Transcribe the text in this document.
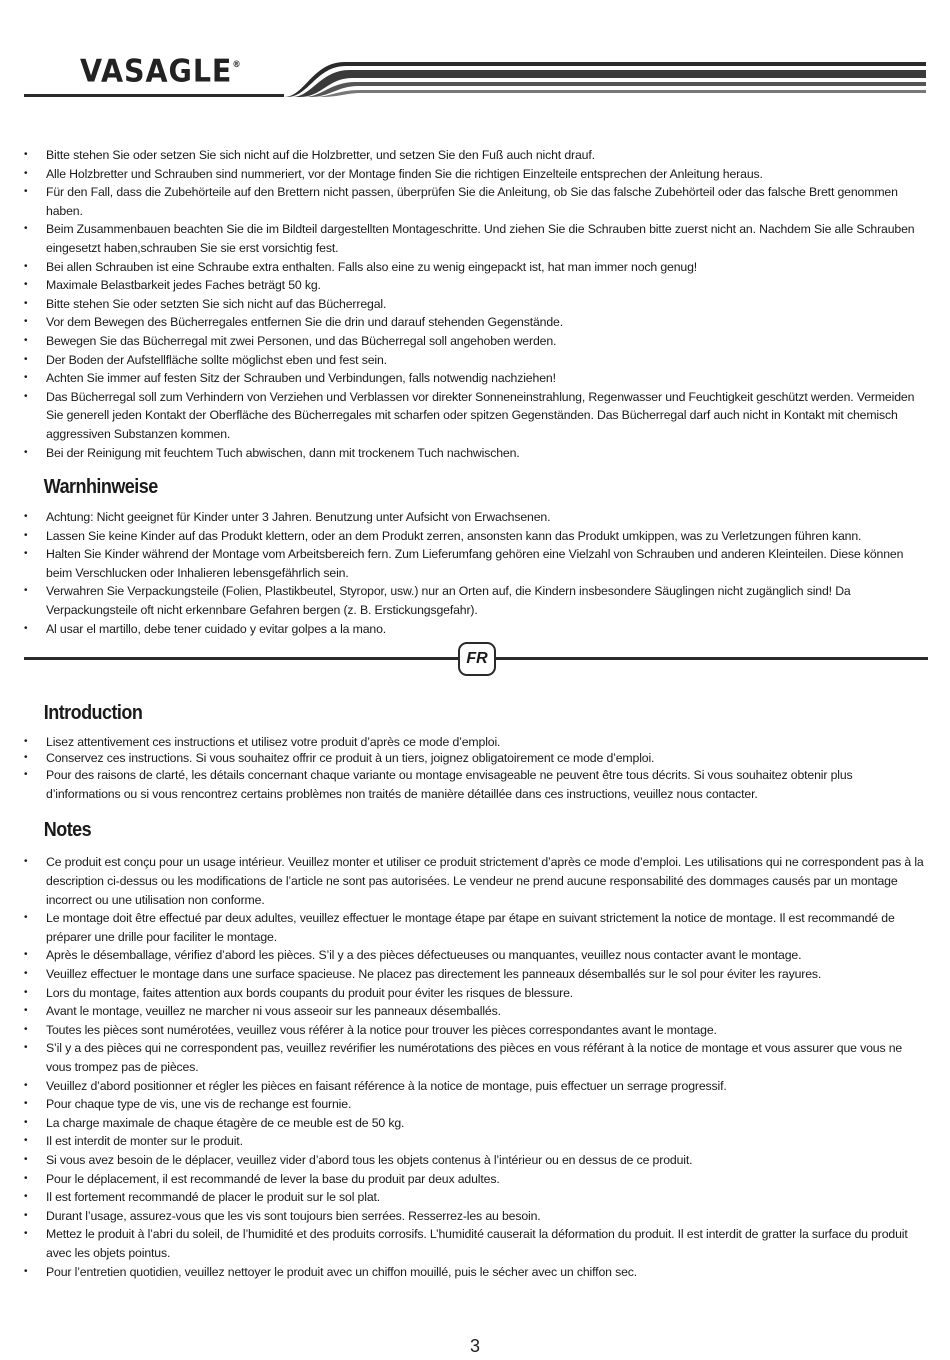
VASAGLE®
• Bitte stehen Sie oder setzen Sie sich nicht auf die Holzbretter, und setzen Sie den Fuß auch nicht drauf.
• Alle Holzbretter und Schrauben sind nummeriert, vor der Montage finden Sie die richtigen Einzelteile entsprechen der Anleitung heraus.
• Für den Fall, dass die Zubehörteile auf den Brettern nicht passen, überprüfen Sie die Anleitung, ob Sie das falsche Zubehörteil oder das falsche Brett genommen haben.
• Beim Zusammenbauen beachten Sie die im Bildteil dargestellten Montageschritte. Und ziehen Sie die Schrauben bitte zuerst nicht an. Nachdem Sie alle Schrauben eingesetzt haben,schrauben Sie sie erst vorsichtig fest.
• Bei allen Schrauben ist eine Schraube extra enthalten. Falls also eine zu wenig eingepackt ist, hat man immer noch genug!
• Maximale Belastbarkeit jedes Faches beträgt 50 kg.
• Bitte stehen Sie oder setzten Sie sich nicht auf das Bücherregal.
• Vor dem Bewegen des Bücherregales entfernen Sie die drin und darauf stehenden Gegenstände.
• Bewegen Sie das Bücherregal mit zwei Personen, und das Bücherregal soll angehoben werden.
• Der Boden der Aufstellfläche sollte möglichst eben und fest sein.
• Achten Sie immer auf festen Sitz der Schrauben und Verbindungen, falls notwendig nachziehen!
• Das Bücherregal soll zum Verhindern von Verziehen und Verblassen vor direkter Sonneneinstrahlung, Regenwasser und Feuchtigkeit geschützt werden. Vermeiden Sie generell jeden Kontakt der Oberfläche des Bücherregales mit scharfen oder spitzen Gegenständen. Das Bücherregal darf auch nicht in Kontakt mit chemisch aggressiven Substanzen kommen.
• Bei der Reinigung mit feuchtem Tuch abwischen, dann mit trockenem Tuch nachwischen.
Warnhinweise
• Achtung: Nicht geeignet für Kinder unter 3 Jahren. Benutzung unter Aufsicht von Erwachsenen.
• Lassen Sie keine Kinder auf das Produkt klettern, oder an dem Produkt zerren, ansonsten kann das Produkt umkippen, was zu Verletzungen führen kann.
• Halten Sie Kinder während der Montage vom Arbeitsbereich fern. Zum Lieferumfang gehören eine Vielzahl von Schrauben und anderen Kleinteilen. Diese können beim Verschlucken oder Inhalieren lebensgefährlich sein.
• Verwahren Sie Verpackungsteile (Folien, Plastikbeutel, Styropor, usw.) nur an Orten auf, die Kindern insbesondere Säuglingen nicht zugänglich sind! Da Verpackungsteile oft nicht erkennbare Gefahren bergen (z. B. Erstickungsgefahr).
• Al usar el martillo, debe tener cuidado y evitar golpes a la mano.
FR
Introduction
• Lisez attentivement ces instructions et utilisez votre produit d’après ce mode d’emploi.
• Conservez ces instructions. Si vous souhaitez offrir ce produit à un tiers, joignez obligatoirement ce mode d’emploi.
• Pour des raisons de clarté, les détails concernant chaque variante ou montage envisageable ne peuvent être tous décrits. Si vous souhaitez obtenir plus d’informations ou si vous rencontrez certains problèmes non traités de manière détaillée dans ces instructions, veuillez nous contacter.
Notes
• Ce produit est conçu pour un usage intérieur. Veuillez monter et utiliser ce produit strictement d’après ce mode d’emploi. Les utilisations qui ne correspondent pas à la description ci-dessus ou les modifications de l’article ne sont pas autorisées. Le vendeur ne prend aucune responsabilité des dommages causés par un montage incorrect ou une utilisation non conforme.
• Le montage doit être effectué par deux adultes, veuillez effectuer le montage étape par étape en suivant strictement la notice de montage. Il est recommandé de préparer une drille pour faciliter le montage.
• Après le désemballage, vérifiez d’abord les pièces. S’il y a des pièces défectueuses ou manquantes, veuillez nous contacter avant le montage.
• Veuillez effectuer le montage dans une surface spacieuse. Ne placez pas directement les panneaux désemballés sur le sol pour éviter les rayures.
• Lors du montage, faites attention aux bords coupants du produit pour éviter les risques de blessure.
• Avant le montage, veuillez ne marcher ni vous asseoir sur les panneaux désemballés.
• Toutes les pièces sont numérotées, veuillez vous référer à la notice pour trouver les pièces correspondantes avant le montage.
• S’il y a des pièces qui ne correspondent pas, veuillez revérifier les numérotations des pièces en vous référant à la notice de montage et vous assurer que vous ne vous trompez pas de pièces.
• Veuillez d’abord positionner et régler les pièces en faisant référence à la notice de montage, puis effectuer un serrage progressif.
• Pour chaque type de vis, une vis de rechange est fournie.
• La charge maximale de chaque étagère de ce meuble est de 50 kg.
• Il est interdit de monter sur le produit.
• Si vous avez besoin de le déplacer, veuillez vider d’abord tous les objets contenus à l’intérieur ou en dessus de ce produit.
• Pour le déplacement, il est recommandé de lever la base du produit par deux adultes.
• Il est fortement recommandé de placer le produit sur le sol plat.
• Durant l’usage, assurez-vous que les vis sont toujours bien serrées. Resserrez-les au besoin.
• Mettez le produit à l’abri du soleil, de l’humidité et des produits corrosifs. L’humidité causerait la déformation du produit. Il est interdit de gratter la surface du produit avec les objets pointus.
• Pour l’entretien quotidien, veuillez nettoyer le produit avec un chiffon mouillé, puis le sécher avec un chiffon sec.
3
